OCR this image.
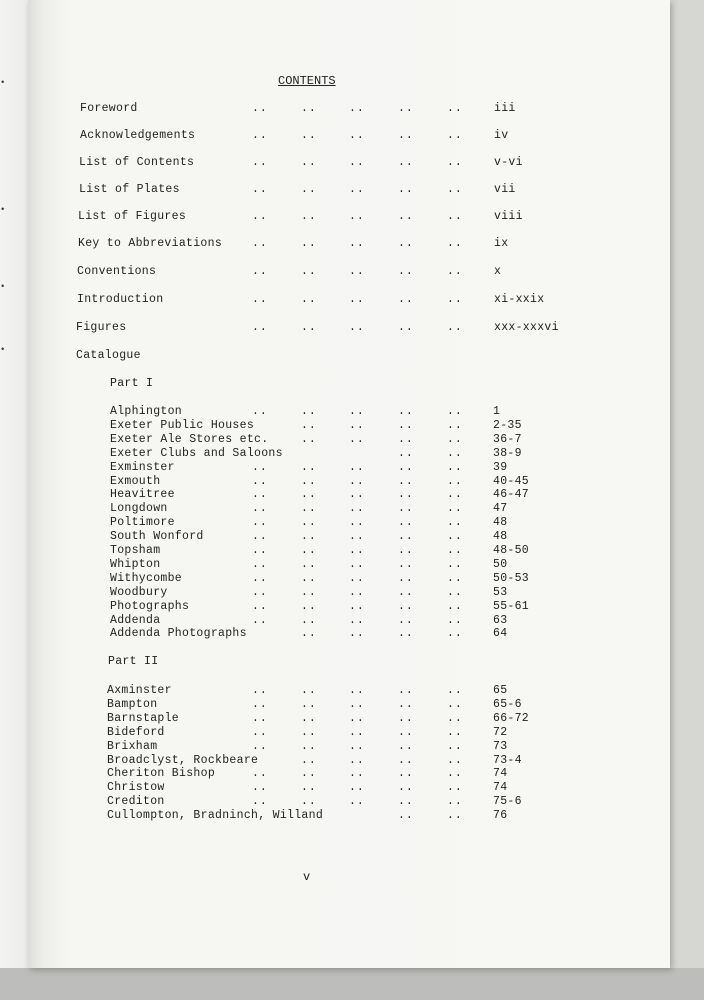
•
•
•
•
CONTENTS
Foreword	..	..	..	..	..	iii
Acknowledgements	..	..	..	..	..	iv
List of Contents	..	..	..	..	..	v-vi
List of Plates	..	..	..	..	..	vii
List of Figures	..	..	..	..	..	viii
Key to Abbreviations	..	..	..	..	..	ix
Conventions	..	..	..	..	..	x
Introduction	..	..	..	..	..	xi-xxix
Figures	..	..	..	..	..	xxx-xxxvi
Catalogue
Part I
Alphington	..	..	..	..	..	1
Exeter Public Houses	..	..	..	..	2-35
Exeter Ale Stores etc.	..	..	..	..	36-7
Exeter Clubs and Saloons	..	..	38-9
Exminster	..	..	..	..	..	39
Exmouth	..	..	..	..	..	40-45
Heavitree	..	..	..	..	..	46-47
Longdown	..	..	..	..	..	47
Poltimore	..	..	..	..	..	48
South Wonford	..	..	..	..	..	48
Topsham	..	..	..	..	..	48-50
Whipton	..	..	..	..	..	50
Withycombe	..	..	..	..	..	50-53
Woodbury	..	..	..	..	..	53
Photographs	..	..	..	..	..	55-61
Addenda	..	..	..	..	..	63
Addenda Photographs	..	..	..	..	64
Part II
Axminster	..	..	..	..	..	65
Bampton	..	..	..	..	..	65-6
Barnstaple	..	..	..	..	..	66-72
Bideford	..	..	..	..	..	72
Brixham	..	..	..	..	..	73
Broadclyst, Rockbeare	..	..	..	..	73-4
Cheriton Bishop	..	..	..	..	..	74
Christow	..	..	..	..	..	74
Crediton	..	..	..	..	..	75-6
Cullompton, Bradninch, Willand	..	..	76
v
